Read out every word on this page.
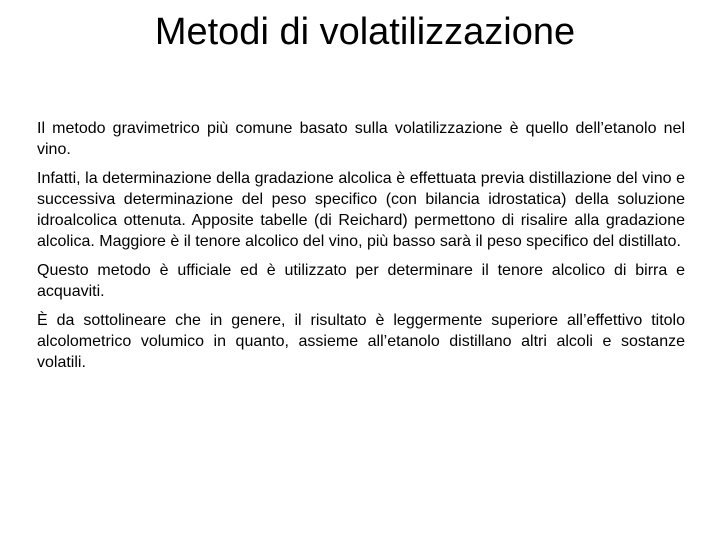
Metodi di volatilizzazione

Il metodo gravimetrico più comune basato sulla volatilizzazione è quello dell’etanolo nel vino.

Infatti, la determinazione della gradazione alcolica è effettuata previa distillazione del vino e successiva determinazione del peso specifico (con bilancia idrostatica) della soluzione idroalcolica ottenuta. Apposite tabelle (di Reichard) permettono di risalire alla gradazione alcolica. Maggiore è il tenore alcolico del vino, più basso sarà il peso specifico del distillato.

Questo metodo è ufficiale ed è utilizzato per determinare il tenore alcolico di birra e acquaviti.

È da sottolineare che in genere, il risultato è leggermente superiore all’effettivo titolo alcolometrico volumico in quanto, assieme all’etanolo distillano altri alcoli e sostanze volatili.
